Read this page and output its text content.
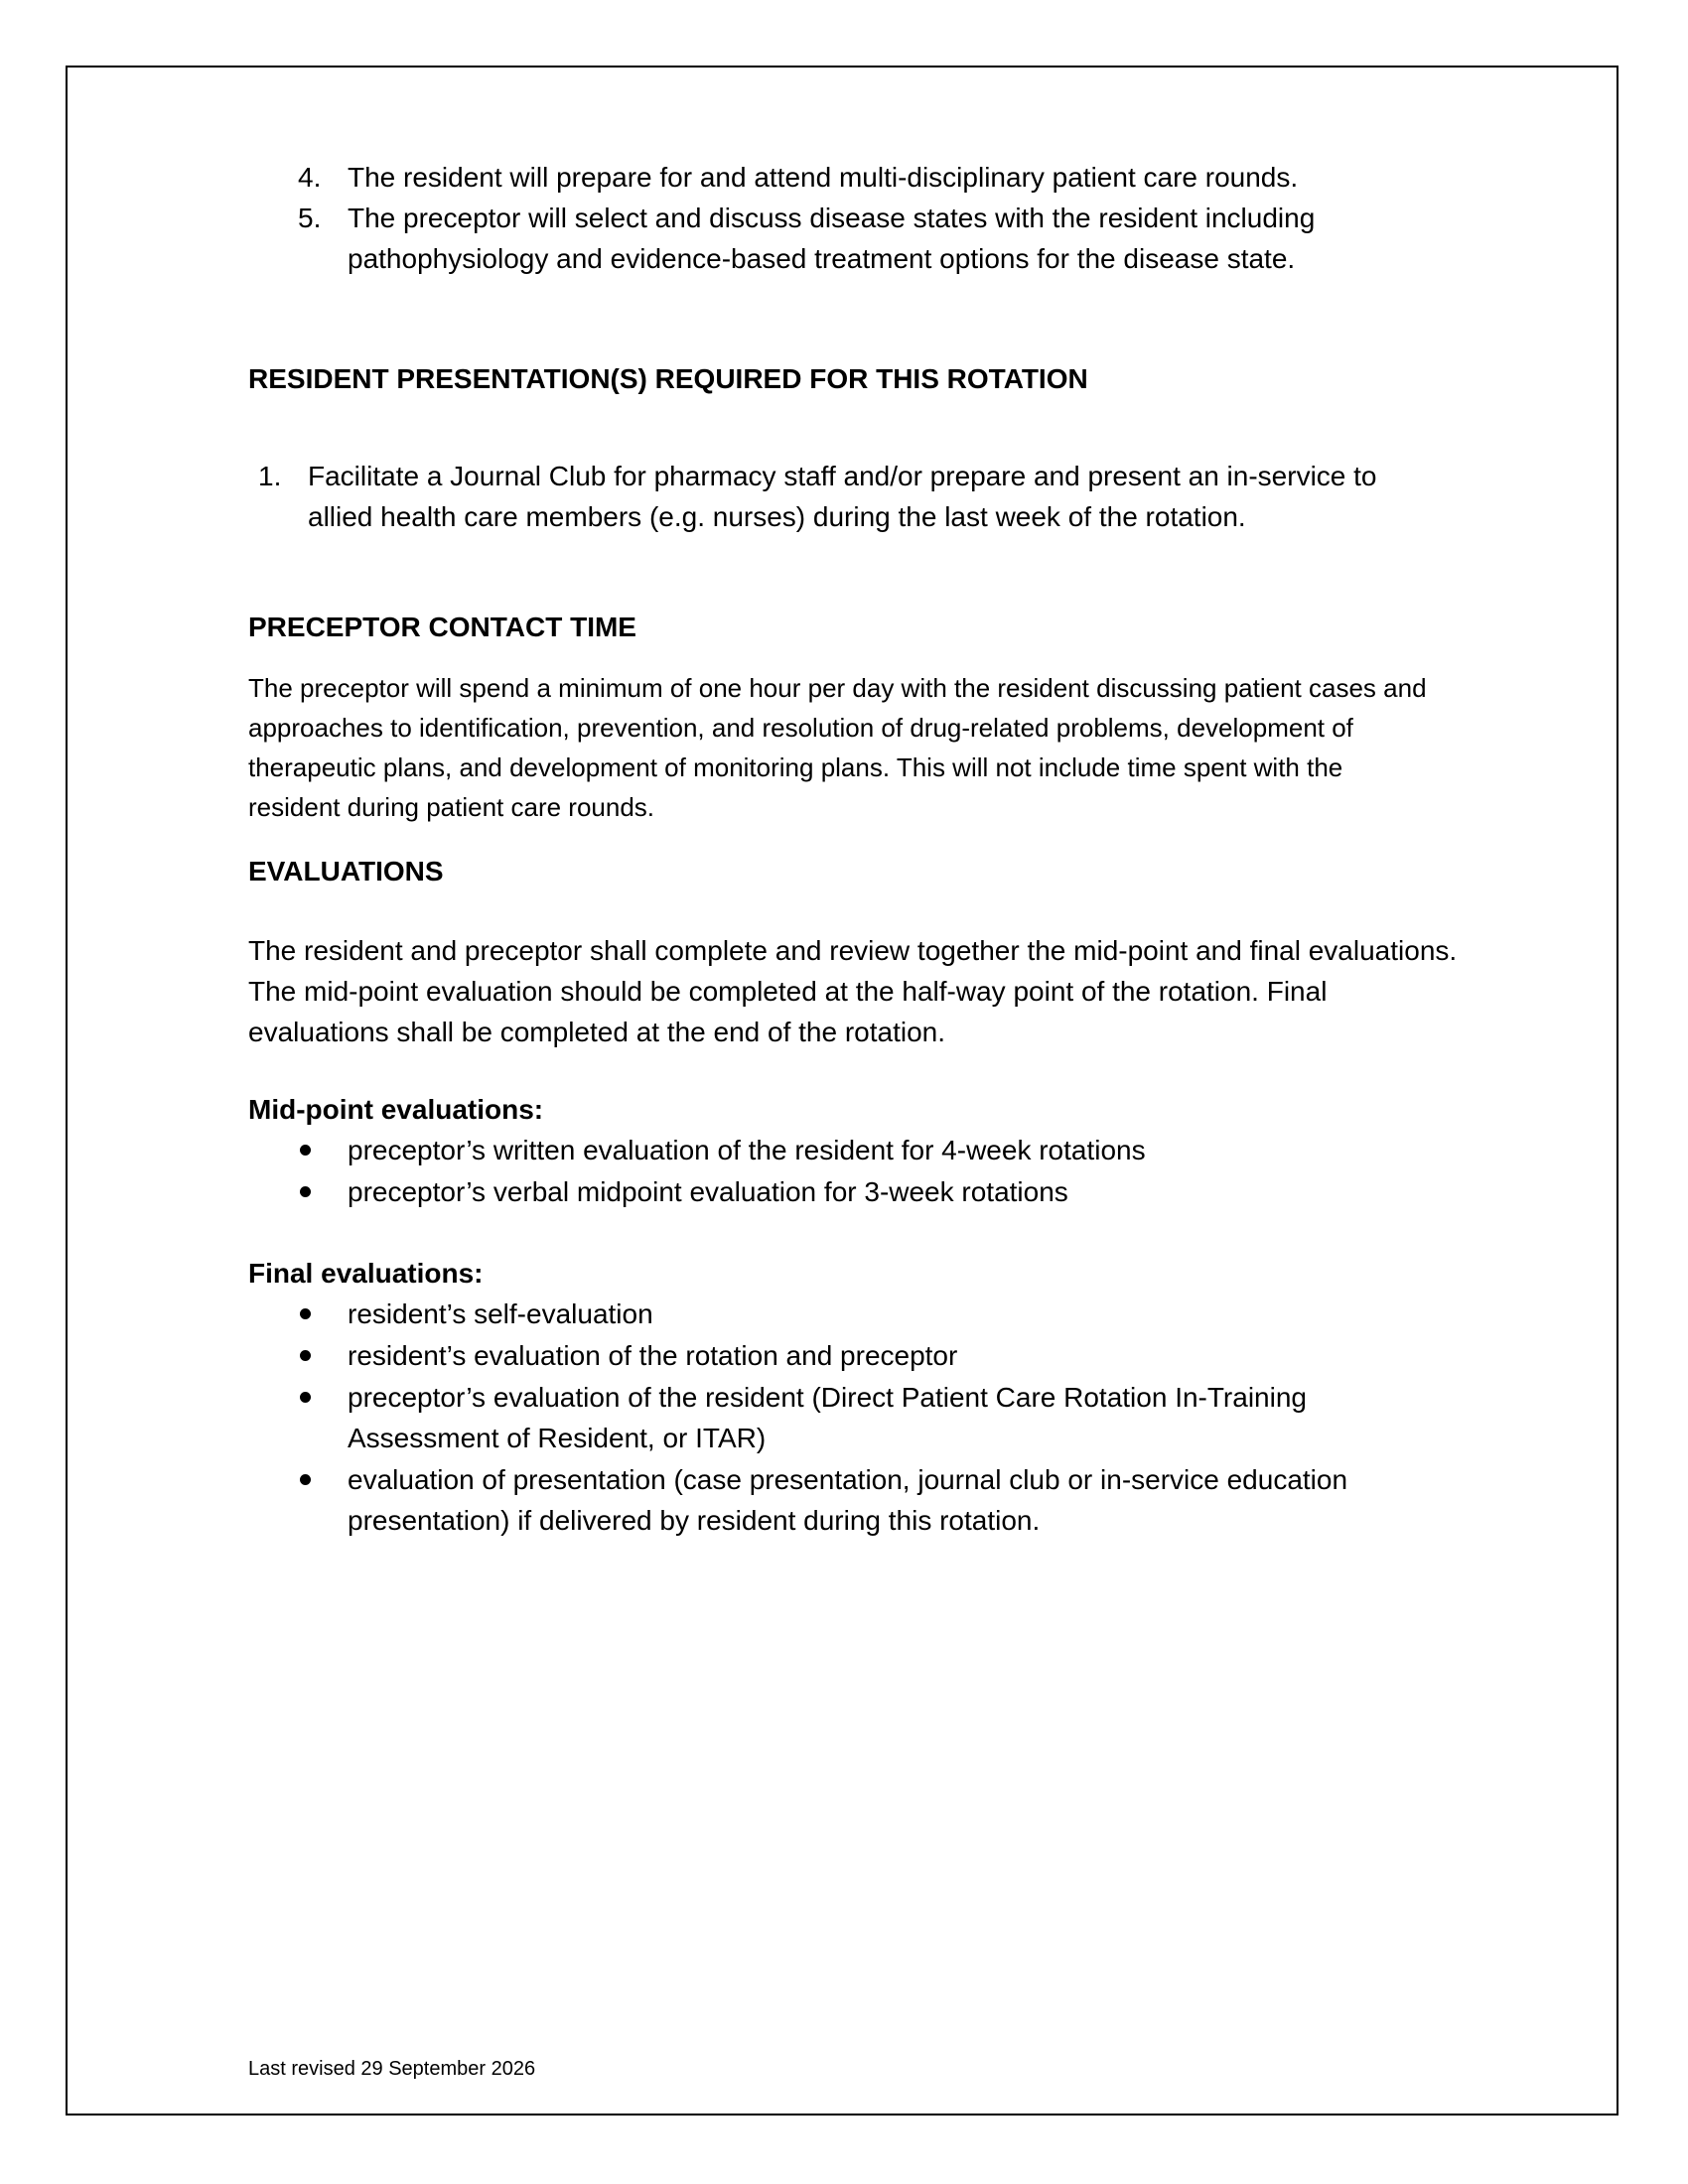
4. The resident will prepare for and attend multi-disciplinary patient care rounds.
5. The preceptor will select and discuss disease states with the resident including pathophysiology and evidence-based treatment options for the disease state.
RESIDENT PRESENTATION(S) REQUIRED FOR THIS ROTATION
1. Facilitate a Journal Club for pharmacy staff and/or prepare and present an in-service to allied health care members (e.g. nurses) during the last week of the rotation.
PRECEPTOR CONTACT TIME

The preceptor will spend a minimum of one hour per day with the resident discussing patient cases and approaches to identification, prevention, and resolution of drug-related problems, development of therapeutic plans, and development of monitoring plans. This will not include time spent with the resident during patient care rounds.

EVALUATIONS

The resident and preceptor shall complete and review together the mid-point and final evaluations. The mid-point evaluation should be completed at the half-way point of the rotation. Final evaluations shall be completed at the end of the rotation.

Mid-point evaluations:
preceptor’s written evaluation of the resident for 4-week rotations
preceptor’s verbal midpoint evaluation for 3-week rotations
Final evaluations:
resident’s self-evaluation
resident’s evaluation of the rotation and preceptor
preceptor’s evaluation of the resident (Direct Patient Care Rotation In-Training Assessment of Resident, or ITAR)
evaluation of presentation (case presentation, journal club or in-service education presentation) if delivered by resident during this rotation.
Last revised 29 September 2026
